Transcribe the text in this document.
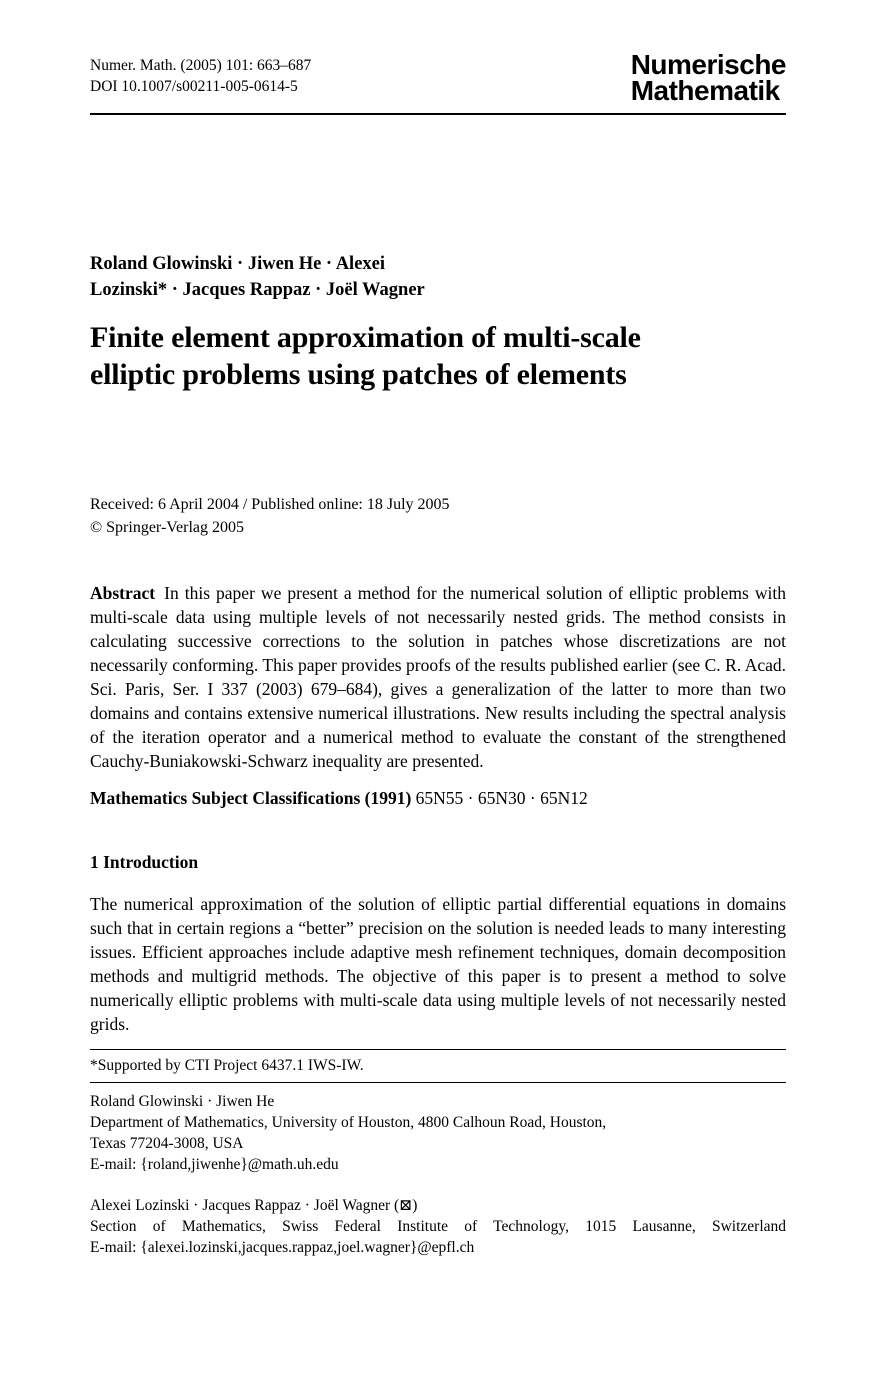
Numer. Math. (2005) 101: 663–687
DOI 10.1007/s00211-005-0614-5
Numerische
Mathematik
Roland Glowinski · Jiwen He · Alexei
Lozinski* · Jacques Rappaz · Joël Wagner
Finite element approximation of multi-scale
elliptic problems using patches of elements
Received: 6 April 2004 / Published online: 18 July 2005
© Springer-Verlag 2005

Abstract In this paper we present a method for the numerical solution of elliptic problems with multi-scale data using multiple levels of not necessarily nested grids. The method consists in calculating successive corrections to the solution in patches whose discretizations are not necessarily conforming. This paper provides proofs of the results published earlier (see C. R. Acad. Sci. Paris, Ser. I 337 (2003) 679–684), gives a generalization of the latter to more than two domains and contains extensive numerical illustrations. New results including the spectral analysis of the iteration operator and a numerical method to evaluate the constant of the strengthened Cauchy-Buniakowski-Schwarz inequality are presented.

Mathematics Subject Classifications (1991) 65N55 · 65N30 · 65N12

1 Introduction

The numerical approximation of the solution of elliptic partial differential equations in domains such that in certain regions a “better” precision on the solution is needed leads to many interesting issues. Efficient approaches include adaptive mesh refinement techniques, domain decomposition methods and multigrid methods. The objective of this paper is to present a method to solve numerically elliptic problems with multi-scale data using multiple levels of not necessarily nested grids.

*Supported by CTI Project 6437.1 IWS-IW.
Roland Glowinski · Jiwen He
Department of Mathematics, University of Houston, 4800 Calhoun Road, Houston,
Texas 77204-3008, USA
E-mail: {roland,jiwenhe}@math.uh.edu
Alexei Lozinski · Jacques Rappaz · Joël Wagner (⊠)
Section of Mathematics, Swiss Federal Institute of Technology, 1015 Lausanne, Switzerland
E-mail: {alexei.lozinski,jacques.rappaz,joel.wagner}@epfl.ch
